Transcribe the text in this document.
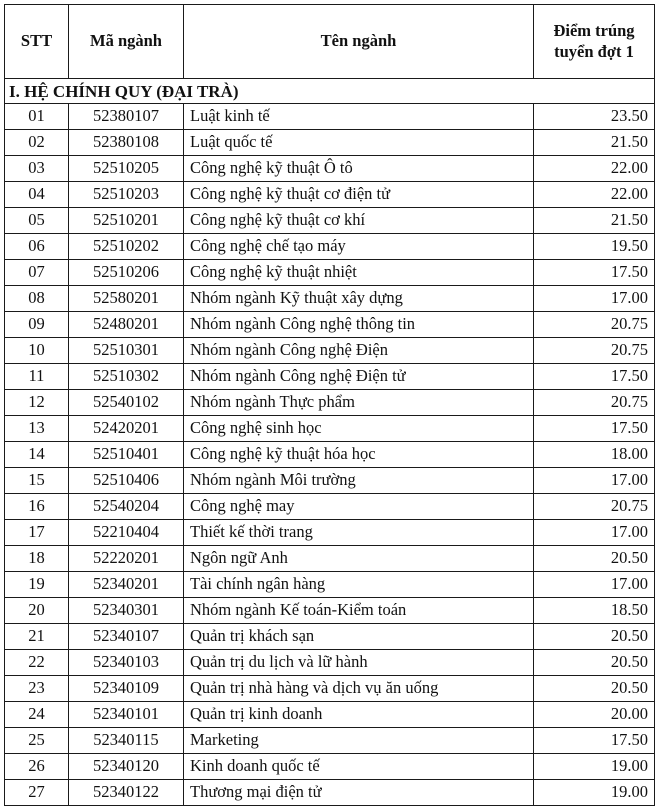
STT	Mã ngành	Tên ngành	Điểm trúng
tuyển đợt 1
I. HỆ CHÍNH QUY (ĐẠI TRÀ)			
01	52380107	Luật kinh tế	23.50
02	52380108	Luật quốc tế	21.50
03	52510205	Công nghệ kỹ thuật Ô tô	22.00
04	52510203	Công nghệ kỹ thuật cơ điện tử	22.00
05	52510201	Công nghệ kỹ thuật cơ khí	21.50
06	52510202	Công nghệ chế tạo máy	19.50
07	52510206	Công nghệ kỹ thuật nhiệt	17.50
08	52580201	Nhóm ngành Kỹ thuật xây dựng	17.00
09	52480201	Nhóm ngành Công nghệ thông tin	20.75
10	52510301	Nhóm ngành Công nghệ Điện	20.75
11	52510302	Nhóm ngành Công nghệ Điện tử	17.50
12	52540102	Nhóm ngành Thực phẩm	20.75
13	52420201	Công nghệ sinh học	17.50
14	52510401	Công nghệ kỹ thuật hóa học	18.00
15	52510406	Nhóm ngành Môi trường	17.00
16	52540204	Công nghệ may	20.75
17	52210404	Thiết kế thời trang	17.00
18	52220201	Ngôn ngữ Anh	20.50
19	52340201	Tài chính ngân hàng	17.00
20	52340301	Nhóm ngành Kế toán-Kiểm toán	18.50
21	52340107	Quản trị khách sạn	20.50
22	52340103	Quản trị du lịch và lữ hành	20.50
23	52340109	Quản trị nhà hàng và dịch vụ ăn uống	20.50
24	52340101	Quản trị kinh doanh	20.00
25	52340115	Marketing	17.50
26	52340120	Kinh doanh quốc tế	19.00
27	52340122	Thương mại điện tử	19.00
